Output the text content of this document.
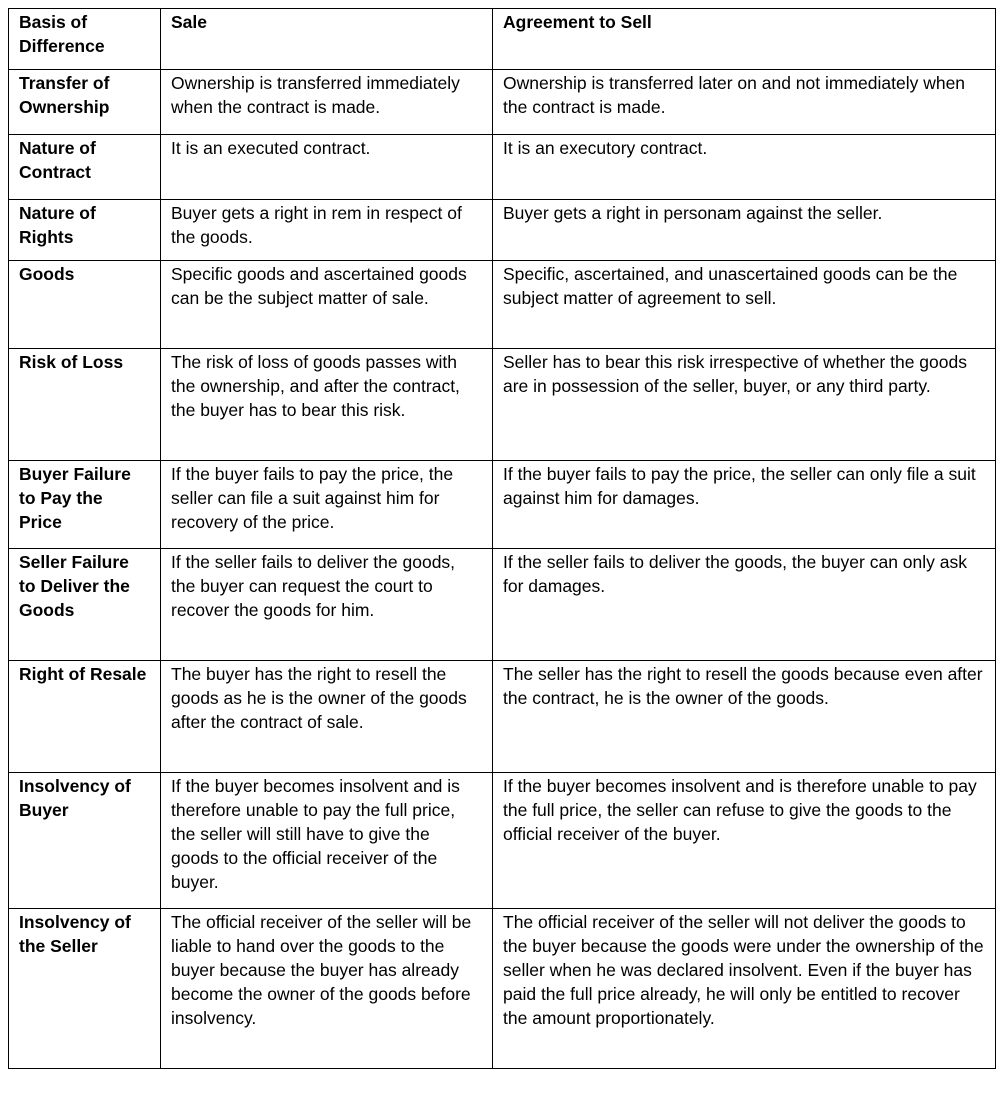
Basis of Difference	Sale	Agreement to Sell
Transfer of Ownership	Ownership is transferred immediately when the contract is made.	Ownership is transferred later on and not immediately when the contract is made.
Nature of Contract	It is an executed contract.	It is an executory contract.
Nature of Rights	Buyer gets a right in rem in respect of the goods.	Buyer gets a right in personam against the seller.
Goods	Specific goods and ascertained goods can be the subject matter of sale.	Specific, ascertained, and unascertained goods can be the subject matter of agreement to sell.
Risk of Loss	The risk of loss of goods passes with the ownership, and after the contract, the buyer has to bear this risk.	Seller has to bear this risk irrespective of whether the goods are in possession of the seller, buyer, or any third party.
Buyer Failure to Pay the Price	If the buyer fails to pay the price, the seller can file a suit against him for recovery of the price.	If the buyer fails to pay the price, the seller can only file a suit against him for damages.
Seller Failure to Deliver the Goods	If the seller fails to deliver the goods, the buyer can request the court to recover the goods for him.	If the seller fails to deliver the goods, the buyer can only ask for damages.
Right of Resale	The buyer has the right to resell the goods as he is the owner of the goods after the contract of sale.	The seller has the right to resell the goods because even after the contract, he is the owner of the goods.
Insolvency of Buyer	If the buyer becomes insolvent and is therefore unable to pay the full price, the seller will still have to give the goods to the official receiver of the buyer.	If the buyer becomes insolvent and is therefore unable to pay the full price, the seller can refuse to give the goods to the official receiver of the buyer.
Insolvency of the Seller	The official receiver of the seller will be liable to hand over the goods to the buyer because the buyer has already become the owner of the goods before insolvency.	The official receiver of the seller will not deliver the goods to the buyer because the goods were under the ownership of the seller when he was declared insolvent. Even if the buyer has paid the full price already, he will only be entitled to recover the amount proportionately.
